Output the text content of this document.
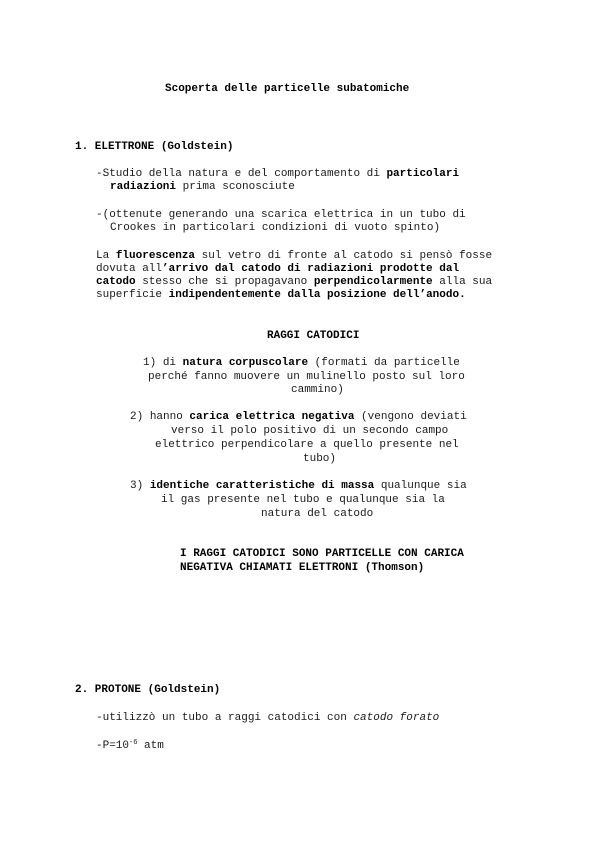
Scoperta delle particelle subatomiche
1. ELETTRONE (Goldstein)
-Studio della natura e del comportamento di particolari
radiazioni prima sconosciute
-(ottenute generando una scarica elettrica in un tubo di
Crookes in particolari condizioni di vuoto spinto)
La fluorescenza sul vetro di fronte al catodo si pensò fosse
dovuta all’arrivo dal catodo di radiazioni prodotte dal
catodo stesso che si propagavano perpendicolarmente alla sua
superficie indipendentemente dalla posizione dell’anodo.
RAGGI CATODICI
1) di natura corpuscolare (formati da particelle
perché fanno muovere un mulinello posto sul loro
cammino)
2) hanno carica elettrica negativa (vengono deviati
verso il polo positivo di un secondo campo
elettrico perpendicolare a quello presente nel
tubo)
3) identiche caratteristiche di massa qualunque sia
il gas presente nel tubo e qualunque sia la
natura del catodo
I RAGGI CATODICI SONO PARTICELLE CON CARICA
NEGATIVA CHIAMATI ELETTRONI (Thomson)
2. PROTONE (Goldstein)
-utilizzò un tubo a raggi catodici con catodo forato
$-P=10^{-6}$ atm
